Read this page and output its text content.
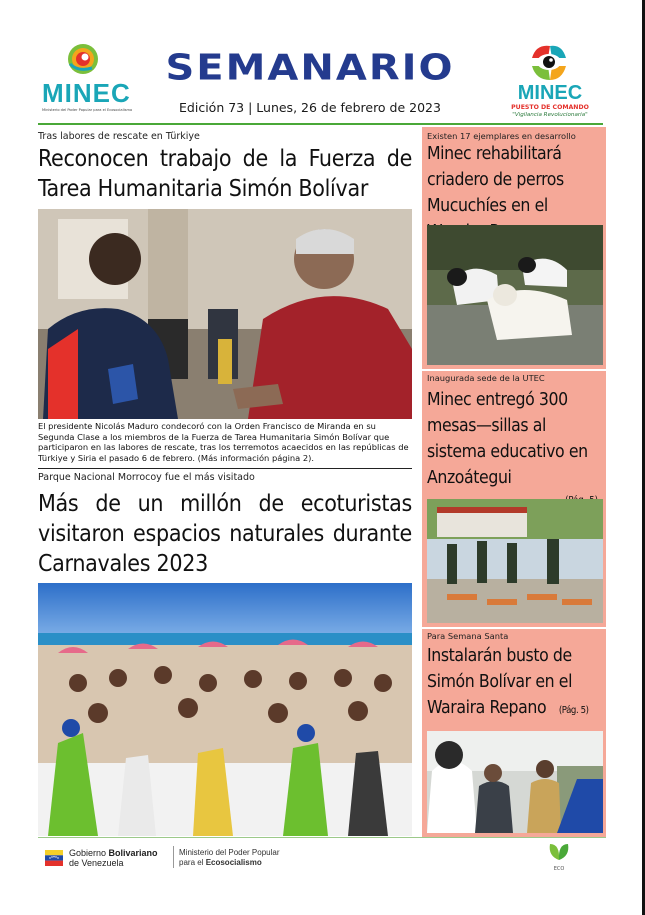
MINEC
Ministerio del Poder Popular para el Ecosocialismo
SEMANARIO
Edición 73 | Lunes, 26 de febrero de 2023
MINEC
PUESTO DE COMANDO
"Vigilancia Revolucionaria"
Tras labores de rescate en Türkiye
Reconocen trabajo de la Fuerza de Tarea Humanitaria Simón Bolívar
El presidente Nicolás Maduro condecoró con la Orden Francisco de Miranda en su Segunda Clase a los miembros de la Fuerza de Tarea Humanitaria Simón Bolívar que participaron en las labores de rescate, tras los terremotos acaecidos en las repúblicas de Türkiye y Siria el pasado 6 de febrero. (Más información página 2).
Parque Nacional Morrocoy fue el más visitado
Más de un millón de ecoturistas visitaron espacios naturales durante Carnavales 2023
Existen 17 ejemplares en desarrollo
Minec rehabilitará criadero de perros Mucuchíes en el
Inaugurada sede de la UTEC
Minec entregó 300 mesas—sillas al sistema educativo en Anzoátegui
Para Semana Santa
Instalarán busto de Simón Bolívar en el Waraira Repano (Pág. 5)
Gobierno Bolivariano
de Venezuela
Ministerio del Poder Popular
para el Ecosocialismo
ECO
